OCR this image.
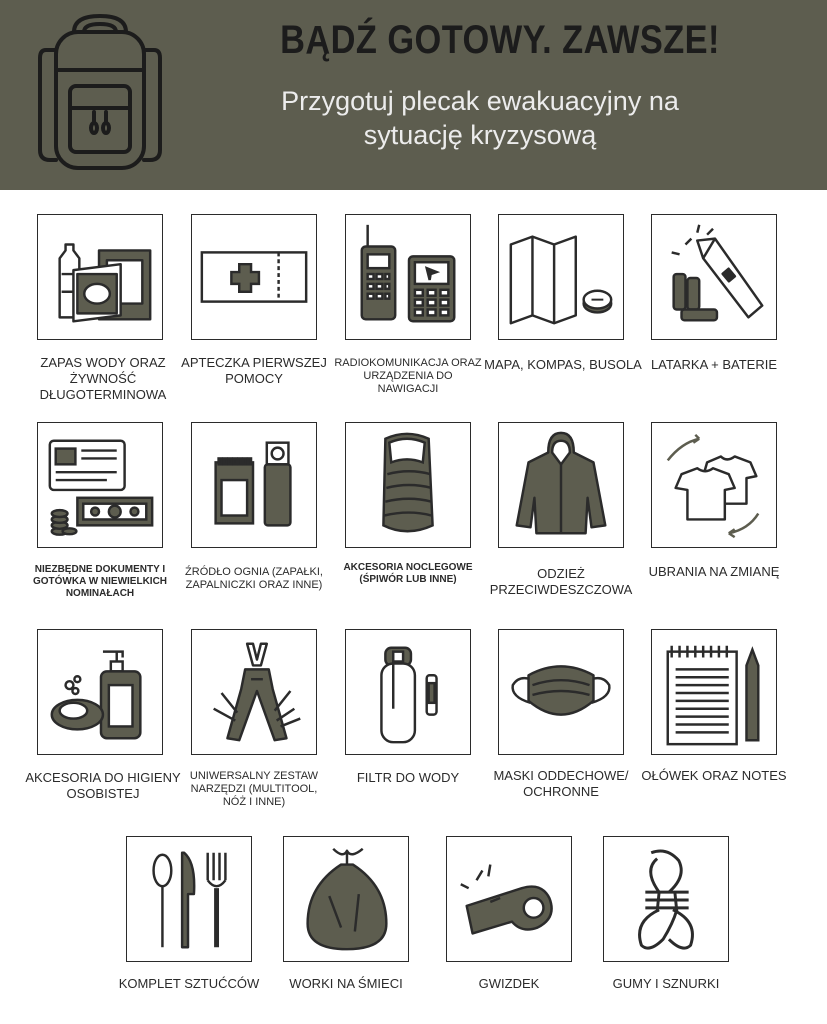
BĄDŹ GOTOWY. ZAWSZE!
Przygotuj plecak ewakuacyjny na
sytuację kryzysową
ZAPAS WODY ORAZ ŻYWNOŚĆ DŁUGOTERMINOWA
APTECZKA PIERWSZEJ POMOCY
RADIOKOMUNIKACJA ORAZ URZĄDZENIA DO NAWIGACJI
MAPA, KOMPAS, BUSOLA LATARKA + BATERIE
NIEZBĘDNE DOKUMENTY I GOTÓWKA W NIEWIELKICH NOMINAŁACH
ŹRÓDŁO OGNIA (ZAPAŁKI, ZAPALNICZKI ORAZ INNE)
AKCESORIA NOCLEGOWE (ŚPIWÓR LUB INNE)	ODZIEŻ PRZECIWDESZCZOWA
UBRANIA NA ZMIANĘ
AKCESORIA DO HIGIENY OSOBISTEJ
UNIWERSALNY ZESTAW NARZĘDZI (MULTITOOL, NÓŻ I INNE)
FILTR DO WODY	MASKI ODDECHOWE/ OCHRONNE
OŁÓWEK ORAZ NOTES
KOMPLET SZTUĆCÓW	WORKI NA ŚMIECI	GWIZDEK	GUMY I SZNURKI
